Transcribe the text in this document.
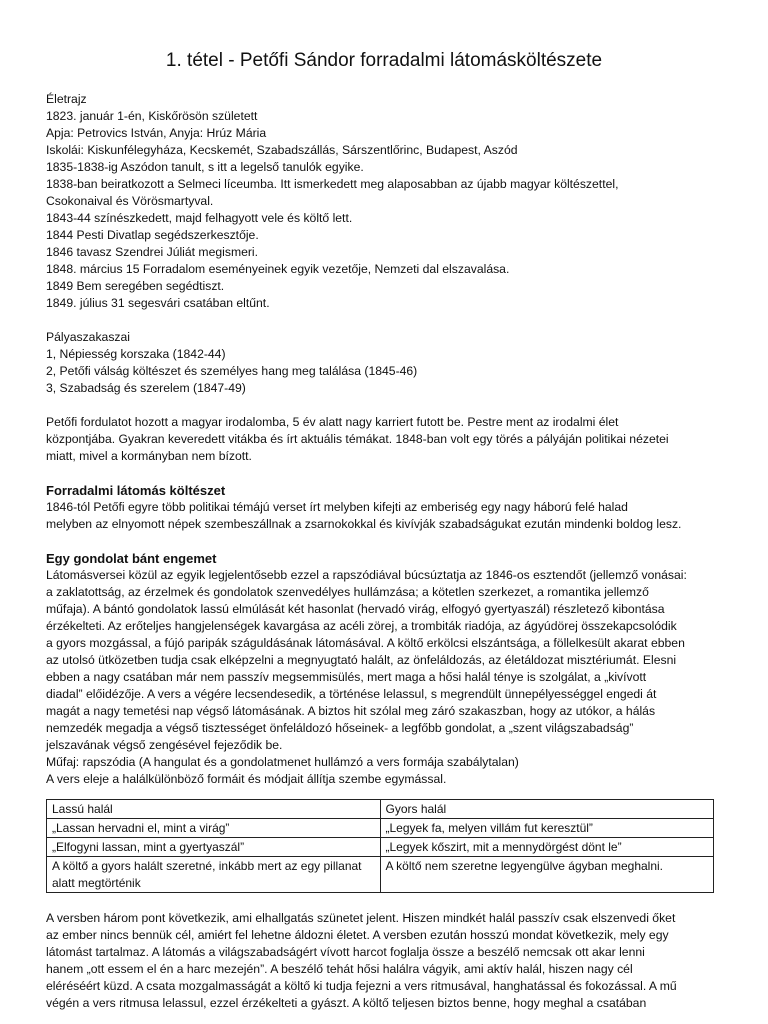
1. tétel - Petőfi Sándor forradalmi látomásköltészete

Életrajz

1823. január 1-én, Kiskőrösön született

Apja: Petrovics István, Anyja: Hrúz Mária

Iskolái: Kiskunfélegyháza, Kecskemét, Szabadszállás, Sárszentlőrinc, Budapest, Aszód

1835-1838-ig Aszódon tanult, s itt a legelső tanulók egyike.

1838-ban beiratkozott a Selmeci líceumba. Itt ismerkedett meg alaposabban az újabb magyar költészettel,

Csokonaival és Vörösmartyval.

1843-44 színészkedett, majd felhagyott vele és költő lett.

1844 Pesti Divatlap segédszerkesztője.

1846 tavasz Szendrei Júliát megismeri.

1848. március 15 Forradalom eseményeinek egyik vezetője, Nemzeti dal elszavalása.

1849 Bem seregében segédtiszt.

1849. július 31 segesvári csatában eltűnt.

Pályaszakaszai

1, Népiesség korszaka (1842-44)

2, Petőfi válság költészet és személyes hang meg találása (1845-46)

3, Szabadság és szerelem (1847-49)

Petőfi fordulatot hozott a magyar irodalomba, 5 év alatt nagy karriert futott be. Pestre ment az irodalmi élet

központjába. Gyakran keveredett vitákba és írt aktuális témákat. 1848-ban volt egy törés a pályáján politikai nézetei

miatt, mivel a kormányban nem bízott.

Forradalmi látomás költészet

1846-tól Petőfi egyre több politikai témájú verset írt melyben kifejti az emberiség egy nagy háború felé halad

melyben az elnyomott népek szembeszállnak a zsarnokokkal és kivívják szabadságukat ezután mindenki boldog lesz.

Egy gondolat bánt engemet

Látomásversei közül az egyik legjelentősebb ezzel a rapszódiával búcsúztatja az 1846-os esztendőt (jellemző vonásai:

a zaklatottság, az érzelmek és gondolatok szenvedélyes hullámzása; a kötetlen szerkezet, a romantika jellemző

műfaja). A bántó gondolatok lassú elmúlását két hasonlat (hervadó virág, elfogyó gyertyaszál) részletező kibontása

érzékelteti. Az erőteljes hangjelenségek kavargása az acéli zörej, a trombiták riadója, az ágyúdörej összekapcsolódik

a gyors mozgással, a fújó paripák száguldásának látomásával. A költő erkölcsi elszántsága, a föllelkesült akarat ebben

az utolsó ütközetben tudja csak elképzelni a megnyugtató halált, az önfeláldozás, az életáldozat misztériumát. Elesni

ebben a nagy csatában már nem passzív megsemmisülés, mert maga a hősi halál ténye is szolgálat, a „kivívott

diadal” előidézője. A vers a végére lecsendesedik, a történése lelassul, s megrendült ünnepélyességgel engedi át

magát a nagy temetési nap végső látomásának. A biztos hit szólal meg záró szakaszban, hogy az utókor, a hálás

nemzedék megadja a végső tisztességet önfeláldozó hőseinek- a legfőbb gondolat, a „szent világszabadság”

jelszavának végső zengésével fejeződik be.

Műfaj: rapszódia (A hangulat és a gondolatmenet hullámzó a vers formája szabálytalan)

A vers eleje a halálkülönböző formáit és módjait állítja szembe egymással.

Lassú halál	Gyors halál
„Lassan hervadni el, mint a virág”	„Legyek fa, melyen villám fut keresztül”
„Elfogyni lassan, mint a gyertyaszál”	„Legyek kőszirt, mit a mennydörgést dönt le”
A költő a gyors halált szeretné, inkább mert az egy pillanat alatt megtörténik	A költő nem szeretne legyengülve ágyban meghalni.

A versben három pont következik, ami elhallgatás szünetet jelent. Hiszen mindkét halál passzív csak elszenvedi őket

az ember nincs bennük cél, amiért fel lehetne áldozni életet. A versben ezután hosszú mondat következik, mely egy

látomást tartalmaz. A látomás a világszabadságért vívott harcot foglalja össze a beszélő nemcsak ott akar lenni

hanem „ott essem el én a harc mezején”. A beszélő tehát hősi halálra vágyik, ami aktív halál, hiszen nagy cél

eléréséért küzd. A csata mozgalmasságát a költő ki tudja fejezni a vers ritmusával, hanghatással és fokozással. A mű

végén a vers ritmusa lelassul, ezzel érzékelteti a gyászt. A költő teljesen biztos benne, hogy meghal a csatában
